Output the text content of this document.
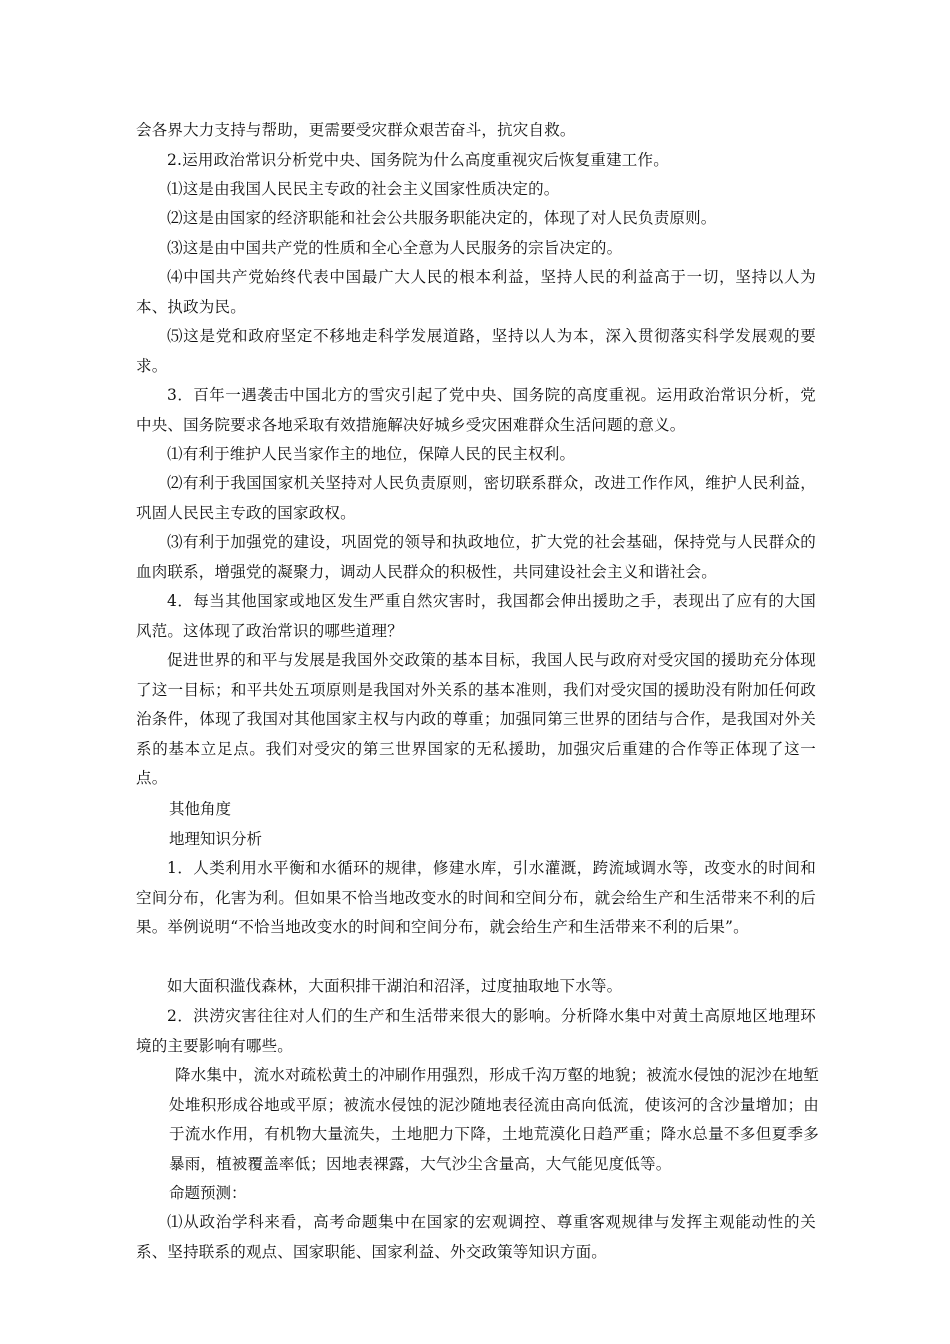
会各界大力支持与帮助，更需要受灾群众艰苦奋斗，抗灾自救。
2.运用政治常识分析党中央、国务院为什么高度重视灾后恢复重建工作。
⑴这是由我国人民民主专政的社会主义国家性质决定的。
⑵这是由国家的经济职能和社会公共服务职能决定的，体现了对人民负责原则。
⑶这是由中国共产党的性质和全心全意为人民服务的宗旨决定的。
⑷中国共产党始终代表中国最广大人民的根本利益，坚持人民的利益高于一切，坚持以人为本、执政为民。
⑸这是党和政府坚定不移地走科学发展道路，坚持以人为本，深入贯彻落实科学发展观的要求。
3．百年一遇袭击中国北方的雪灾引起了党中央、国务院的高度重视。运用政治常识分析，党中央、国务院要求各地采取有效措施解决好城乡受灾困难群众生活问题的意义。
⑴有利于维护人民当家作主的地位，保障人民的民主权利。
⑵有利于我国国家机关坚持对人民负责原则，密切联系群众，改进工作作风，维护人民利益，巩固人民民主专政的国家政权。
⑶有利于加强党的建设，巩固党的领导和执政地位，扩大党的社会基础，保持党与人民群众的血肉联系，增强党的凝聚力，调动人民群众的积极性，共同建设社会主义和谐社会。
4．每当其他国家或地区发生严重自然灾害时，我国都会伸出援助之手，表现出了应有的大国风范。这体现了政治常识的哪些道理？
促进世界的和平与发展是我国外交政策的基本目标，我国人民与政府对受灾国的援助充分体现了这一目标；和平共处五项原则是我国对外关系的基本准则，我们对受灾国的援助没有附加任何政治条件，体现了我国对其他国家主权与内政的尊重；加强同第三世界的团结与合作，是我国对外关系的基本立足点。我们对受灾的第三世界国家的无私援助，加强灾后重建的合作等正体现了这一点。
其他角度
地理知识分析
1．人类利用水平衡和水循环的规律，修建水库，引水灌溉，跨流域调水等，改变水的时间和空间分布，化害为利。但如果不恰当地改变水的时间和空间分布，就会给生产和生活带来不利的后果。举例说明“不恰当地改变水的时间和空间分布，就会给生产和生活带来不利的后果”。
如大面积滥伐森林，大面积排干湖泊和沼泽，过度抽取地下水等。
2．洪涝灾害往往对人们的生产和生活带来很大的影响。分析降水集中对黄土高原地区地理环境的主要影响有哪些。
降水集中，流水对疏松黄土的冲刷作用强烈，形成千沟万壑的地貌；被流水侵蚀的泥沙在地堑处堆积形成谷地或平原；被流水侵蚀的泥沙随地表径流由高向低流，使该河的含沙量增加；由于流水作用，有机物大量流失，土地肥力下降，土地荒漠化日趋严重；降水总量不多但夏季多暴雨，植被覆盖率低；因地表裸露，大气沙尘含量高，大气能见度低等。
命题预测：
⑴从政治学科来看，高考命题集中在国家的宏观调控、尊重客观规律与发挥主观能动性的关系、坚持联系的观点、国家职能、国家利益、外交政策等知识方面。
